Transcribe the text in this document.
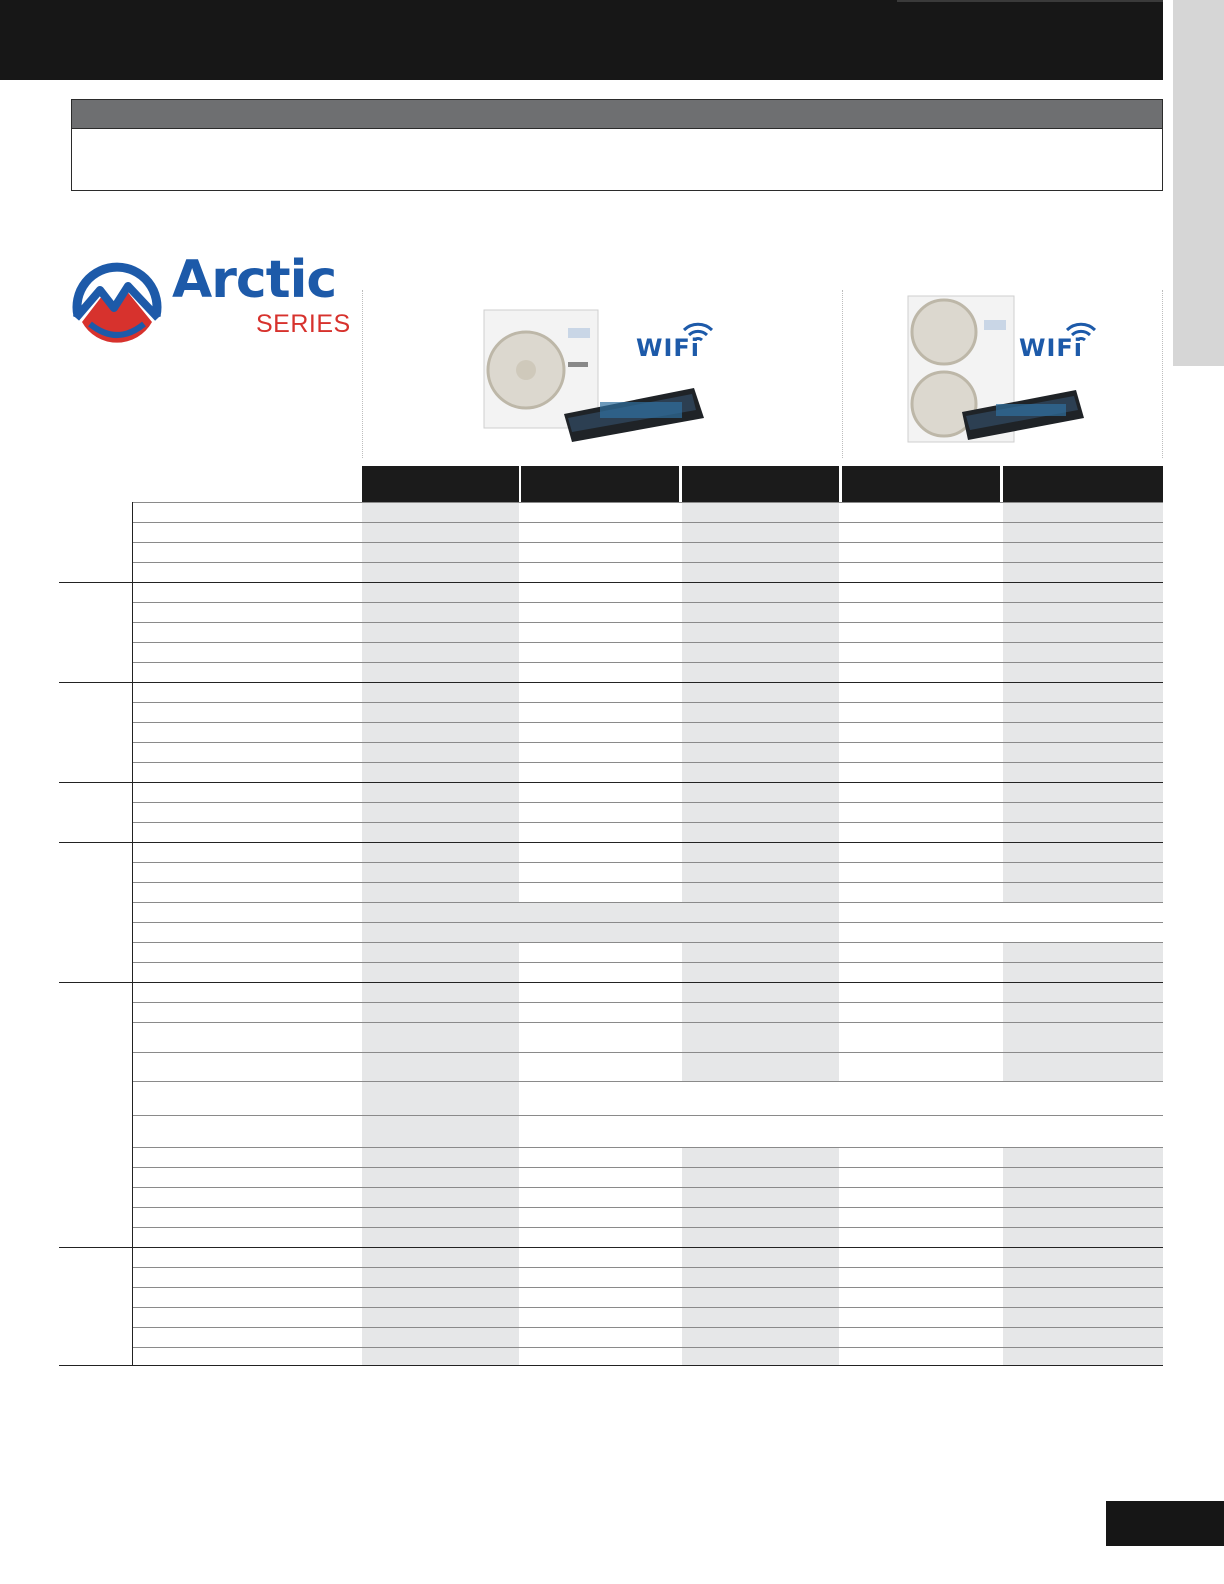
Arctic
SERIES
WIFi	WIFi
